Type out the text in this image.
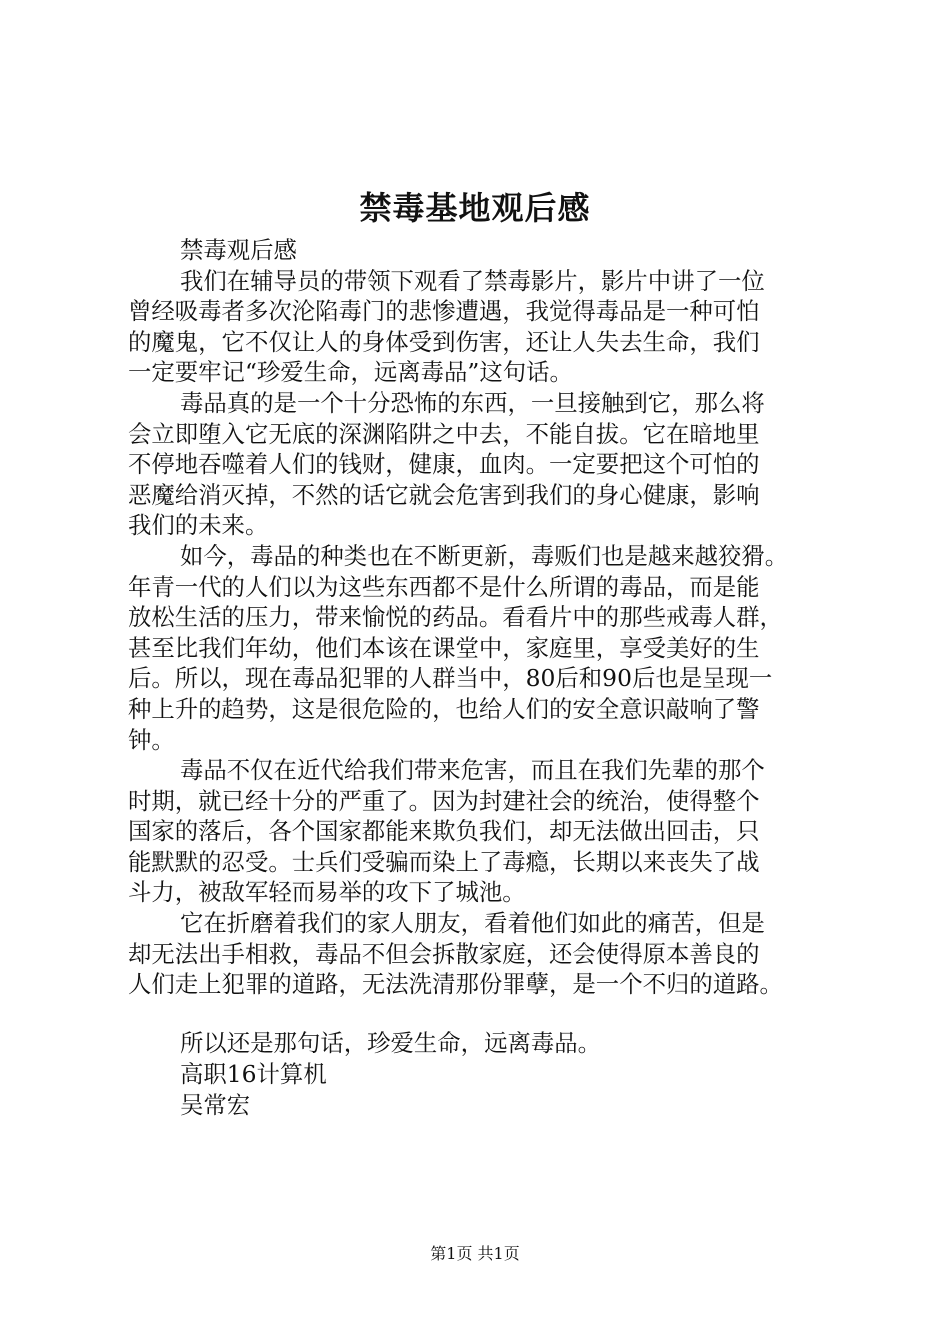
禁毒基地观后感
禁毒观后感
我们在辅导员的带领下观看了禁毒影片，影片中讲了一位
曾经吸毒者多次沦陷毒门的悲惨遭遇，我觉得毒品是一种可怕
的魔鬼，它不仅让人的身体受到伤害，还让人失去生命，我们
一定要牢记“珍爱生命，远离毒品”这句话。
毒品真的是一个十分恐怖的东西，一旦接触到它，那么将
会立即堕入它无底的深渊陷阱之中去，不能自拔。它在暗地里
不停地吞噬着人们的钱财，健康，血肉。一定要把这个可怕的
恶魔给消灭掉，不然的话它就会危害到我们的身心健康，影响
我们的未来。
如今，毒品的种类也在不断更新，毒贩们也是越来越狡猾。
年青一代的人们以为这些东西都不是什么所谓的毒品，而是能
放松生活的压力，带来愉悦的药品。看看片中的那些戒毒人群，
甚至比我们年幼，他们本该在课堂中，家庭里，享受美好的生
后。所以，现在毒品犯罪的人群当中，80后和90后也是呈现一
种上升的趋势，这是很危险的，也给人们的安全意识敲响了警
钟。
毒品不仅在近代给我们带来危害，而且在我们先辈的那个
时期，就已经十分的严重了。因为封建社会的统治，使得整个
国家的落后，各个国家都能来欺负我们，却无法做出回击，只
能默默的忍受。士兵们受骗而染上了毒瘾，长期以来丧失了战
斗力，被敌军轻而易举的攻下了城池。
它在折磨着我们的家人朋友，看着他们如此的痛苦，但是
却无法出手相救，毒品不但会拆散家庭，还会使得原本善良的
人们走上犯罪的道路，无法洗清那份罪孽，是一个不归的道路。
所以还是那句话，珍爱生命，远离毒品。
高职16计算机
吴常宏
第1页 共1页
